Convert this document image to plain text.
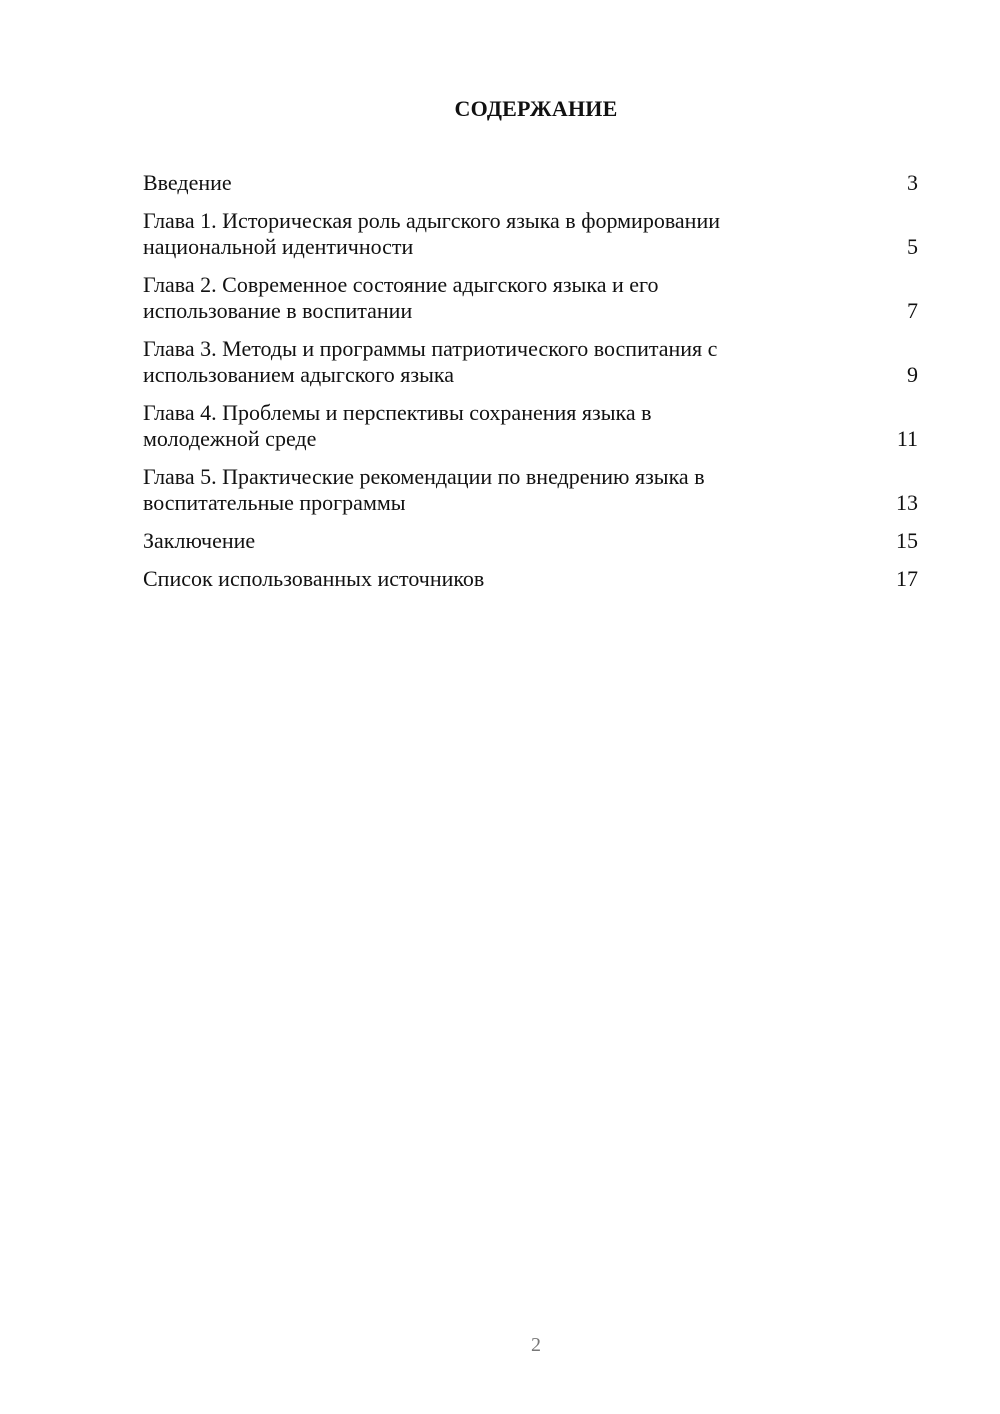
СОДЕРЖАНИЕ
Введение	3
Глава 1. Историческая роль адыгского языка в формировании
национальной идентичности	5
Глава 2. Современное состояние адыгского языка и его
использование в воспитании	7
Глава 3. Методы и программы патриотического воспитания с
использованием адыгского языка	9
Глава 4. Проблемы и перспективы сохранения языка в
молодежной среде	11
Глава 5. Практические рекомендации по внедрению языка в
воспитательные программы	13
Заключение	15
Список использованных источников	17
2
